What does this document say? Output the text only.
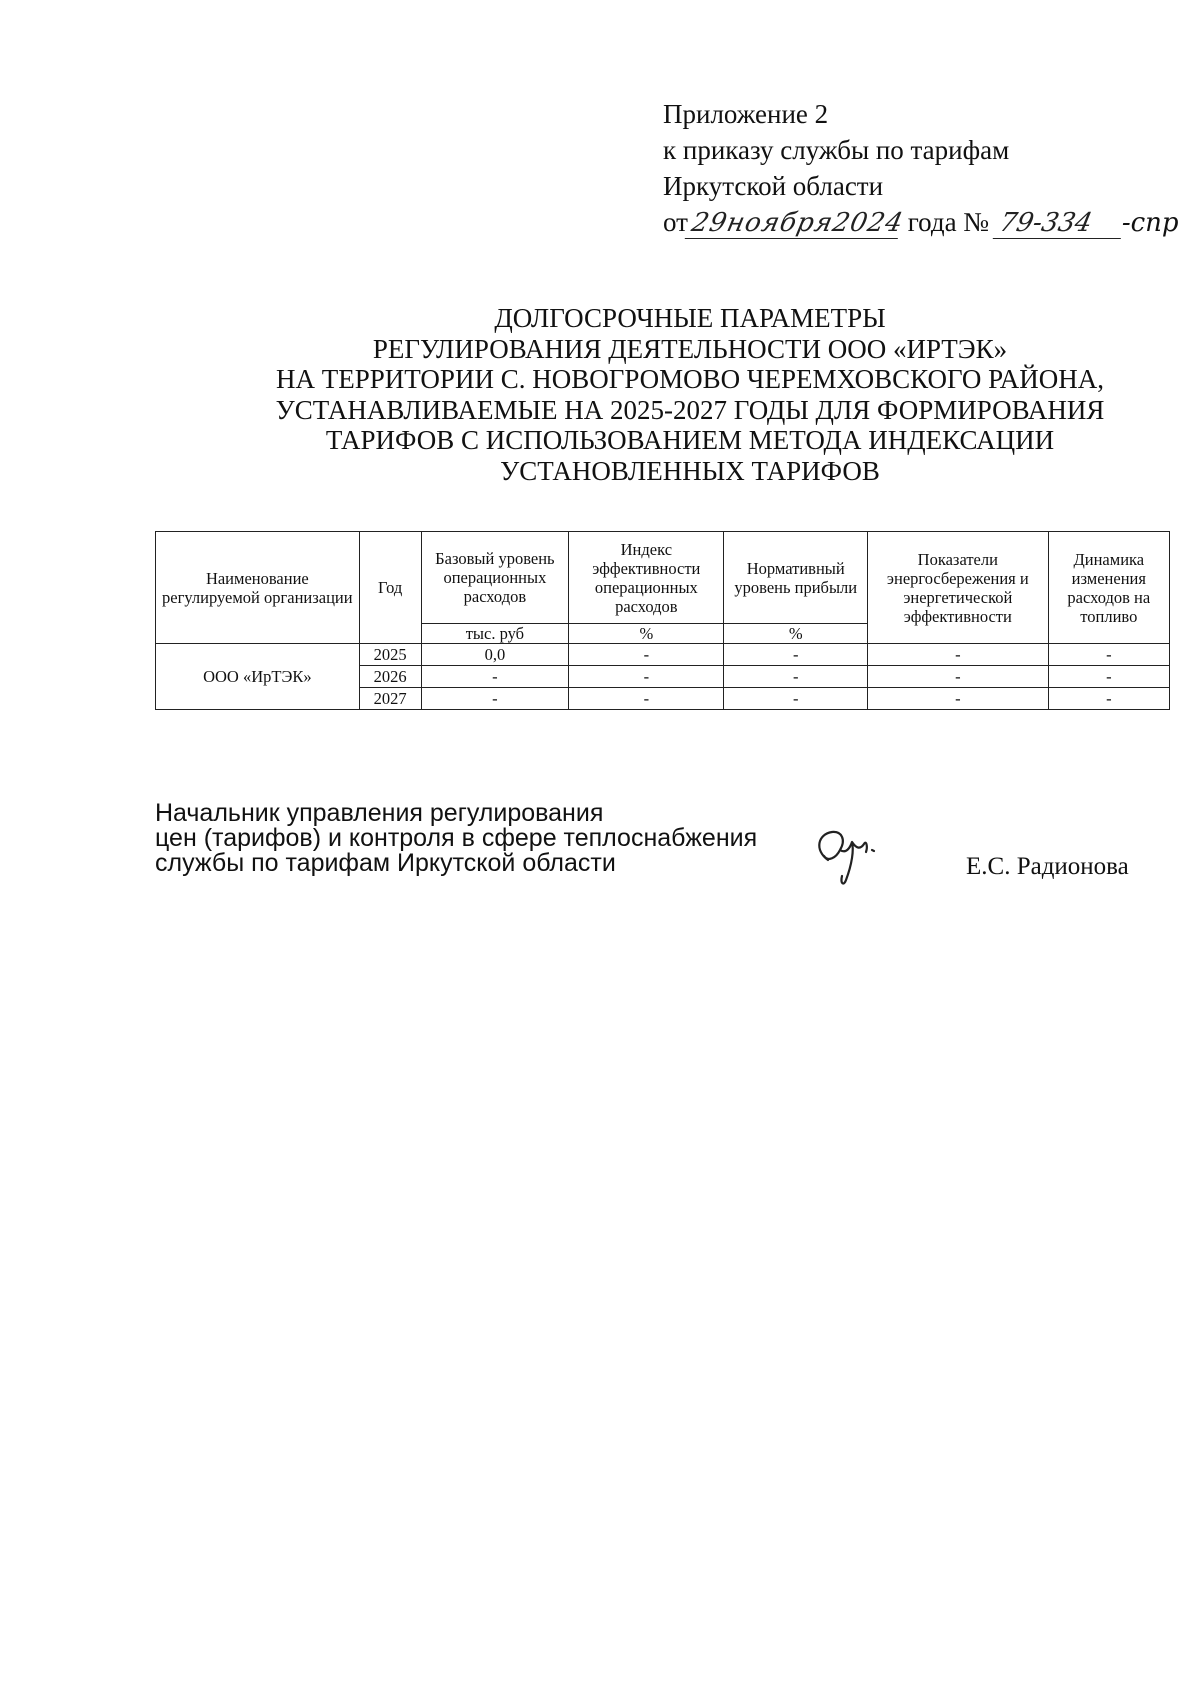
Приложение 2
к приказу службы по тарифам
Иркутской области
от29ноября2024 года № 79-334 -спр
ДОЛГОСРОЧНЫЕ ПАРАМЕТРЫ
РЕГУЛИРОВАНИЯ ДЕЯТЕЛЬНОСТИ ООО «ИРТЭК»
НА ТЕРРИТОРИИ С. НОВОГРОМОВО ЧЕРЕМХОВСКОГО РАЙОНА,
УСТАНАВЛИВАЕМЫЕ НА 2025-2027 ГОДЫ ДЛЯ ФОРМИРОВАНИЯ
ТАРИФОВ С ИСПОЛЬЗОВАНИЕМ МЕТОДА ИНДЕКСАЦИИ
УСТАНОВЛЕННЫХ ТАРИФОВ
Наименование регулируемой организации	Год	Базовый уровень операционных расходов	Индекс эффективности операционных расходов	Нормативный уровень прибыли	Показатели энергосбережения и энергетической эффективности	Динамика изменения расходов на топливо
		тыс. руб	%	%		
ООО «ИрТЭК»	2025	0,0	-	-	-	-
	2026	-	-	-	-	-
	2027	-	-	-	-	-
Начальник управления регулирования
цен (тарифов) и контроля в сфере теплоснабжения
службы по тарифам Иркутской области	Е.С. Радионова
